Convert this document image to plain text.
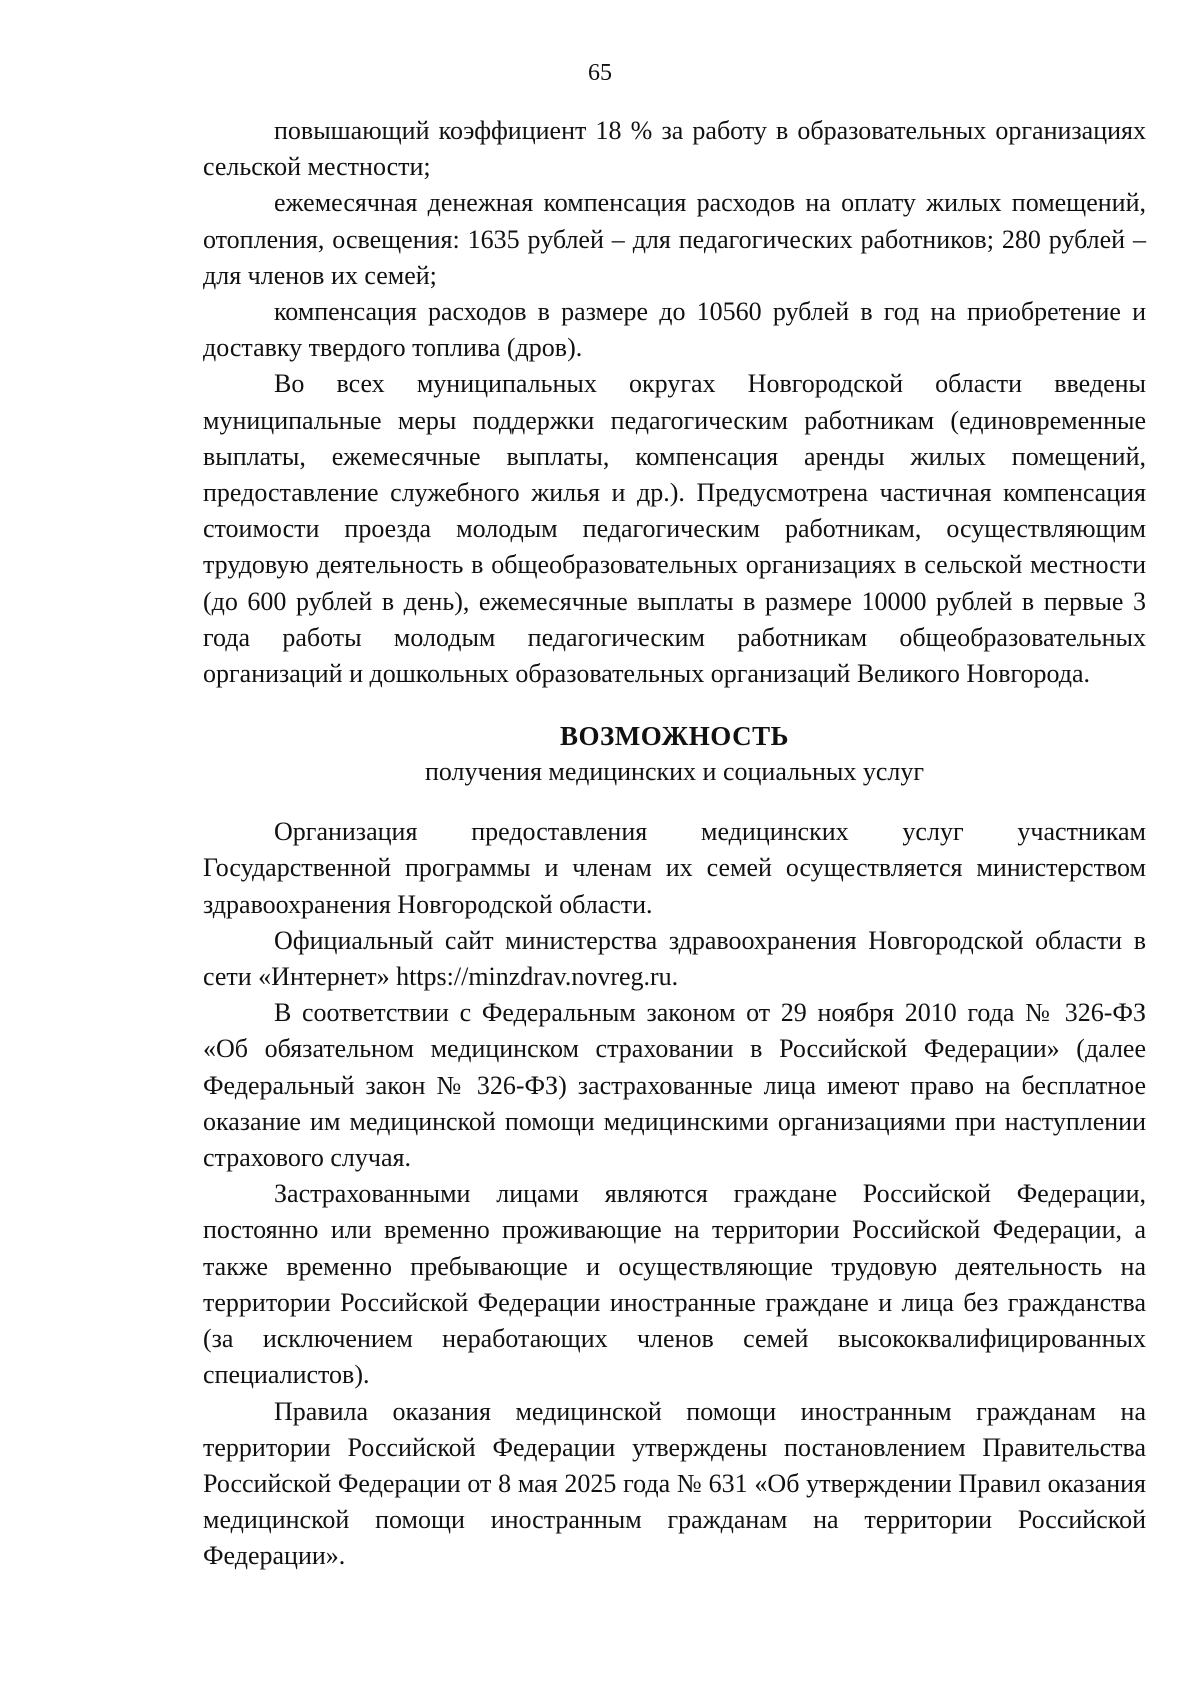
65

повышающий коэффициент 18 % за работу в образовательных организациях сельской местности;

ежемесячная денежная компенсация расходов на оплату жилых помещений, отопления, освещения: 1635 рублей – для педагогических работников; 280 рублей – для членов их семей;

компенсация расходов в размере до 10560 рублей в год на приобретение и доставку твердого топлива (дров).

Во всех муниципальных округах Новгородской области введены муниципальные меры поддержки педагогическим работникам (единовременные выплаты, ежемесячные выплаты, компенсация аренды жилых помещений, предоставление служебного жилья и др.). Предусмотрена частичная компенсация стоимости проезда молодым педагогическим работникам, осуществляющим трудовую деятельность в общеобразовательных организациях в сельской местности (до 600 рублей в день), ежемесячные выплаты в размере 10000 рублей в первые 3 года работы молодым педагогическим работникам общеобразовательных организаций и дошкольных образовательных организаций Великого Новгорода.

ВОЗМОЖНОСТЬ

получения медицинских и социальных услуг

Организация предоставления медицинских услуг участникам Государственной программы и членам их семей осуществляется министерством здравоохранения Новгородской области.

Официальный сайт министерства здравоохранения Новгородской области в сети «Интернет» https://minzdrav.novreg.ru.

В соответствии с Федеральным законом от 29 ноября 2010 года № 326-ФЗ «Об обязательном медицинском страховании в Российской Федерации» (далее Федеральный закон № 326-ФЗ) застрахованные лица имеют право на бесплатное оказание им медицинской помощи медицинскими организациями при наступлении страхового случая.

Застрахованными лицами являются граждане Российской Федерации, постоянно или временно проживающие на территории Российской Федерации, а также временно пребывающие и осуществляющие трудовую деятельность на территории Российской Федерации иностранные граждане и лица без гражданства (за исключением неработающих членов семей высококвалифицированных специалистов).

Правила оказания медицинской помощи иностранным гражданам на территории Российской Федерации утверждены постановлением Правительства Российской Федерации от 8 мая 2025 года № 631 «Об утверждении Правил оказания медицинской помощи иностранным гражданам на территории Российской Федерации».
